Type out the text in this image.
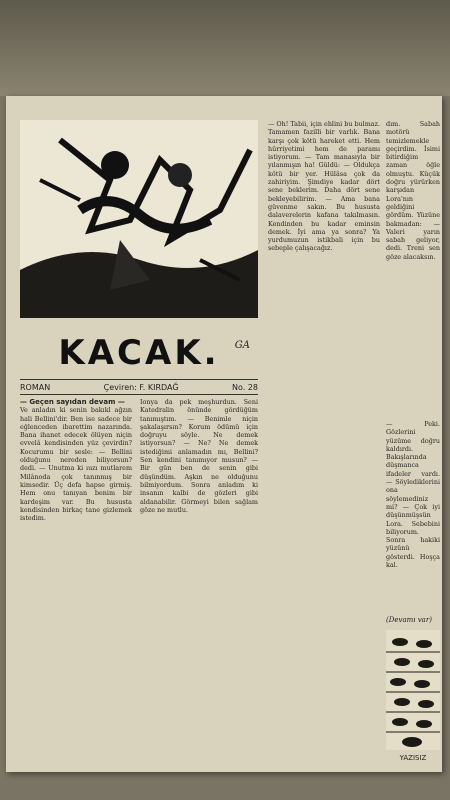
KACAK.	GA
ROMAN	Çeviren: F. KIRDAĞ	No. 28

— Geçen sayıdan devam —

Ve anladın ki senin bakıkl ağzın hali Bellini'dir. Ben ise sadece bir eğlenceden ibarettim nazarında. Bana ihanet edecek ölüyen niçin evvelâ kendisinden yüz çevirdin? Kocurumu bir sesle: — Bellini olduğunu nereden biliyorsun? dedi. — Unutma ki ıuzı mutlarem Milânoda çok tanınmış bir kimsedir. Üç defa hapse girmiş. Hem onu tanıyan benim bir kardeşim var. Bu hususta kendisinden birkaç tane gizlemek istedim.

Ionya da pek meşhurdun. Seni Katedralin önünde gördüğüm tanımıştım. — Benimle niçin şakalaşırsın? Korum ödümü için doğruyu söyle. Ne demek istiyorsun? — Ne? Ne demek istediğimi anlamadın mı, Bellini? Sen kendini tanımıyor musun? — Bir gün ben de senin gibi düşündüm. Aşkın ne olduğunu bilmiyordum. Sonra anladım ki insanın kalbi de gözleri gibi aldanabilir. Görmeyi bilen sağlam göze ne mutlu.

— Oh! Tabii, için ehlini bu bulmaz. Tamamen fazilli bir varlık. Bana karşı çok kötü hareket etti. Hem hürriyetimi hem de paramı istiyorum. — Tam manasıyla bir yılanmışın ha! Güldü: — Oldukça kötü bir yer. Hülâsa çok da zahiriyim. Şimdiye kadar dört sene beklerim. Daha dört sene bekleyebilirim. — Ama bana güvenme sakın. Bu hususta dalaverelerin kafana takılmasın. Kendinden bu kadar eminsin demek. İyi ama ya sonra? Ya yurdumuzun istikbali için bu sebeple çalışacağız.

dım. Sabah motörü temizlemekle geçirdim. İsimi bitirdiğim zaman öğle olmuştu. Küçük doğru yürürken karşıdan Lora'nın geldiğini gördüm. Yüzüne bakmadan: — Valeri yarın sabah geliyor, dedi. Treni sen göze alacaksın.

— Peki. Gözlerini yüzüme doğru kaldırdı. Bakışlarında düşmanca ifadeler vardı. — Söylediklerini ona söylemediniz mi? — Çok iyi düşünmüşsün Lora. Sebebini biliyorum. Sonra hakiki yüzünü gösterdi. Hoşça kal.

(Devamı var)
YAZISIZ
